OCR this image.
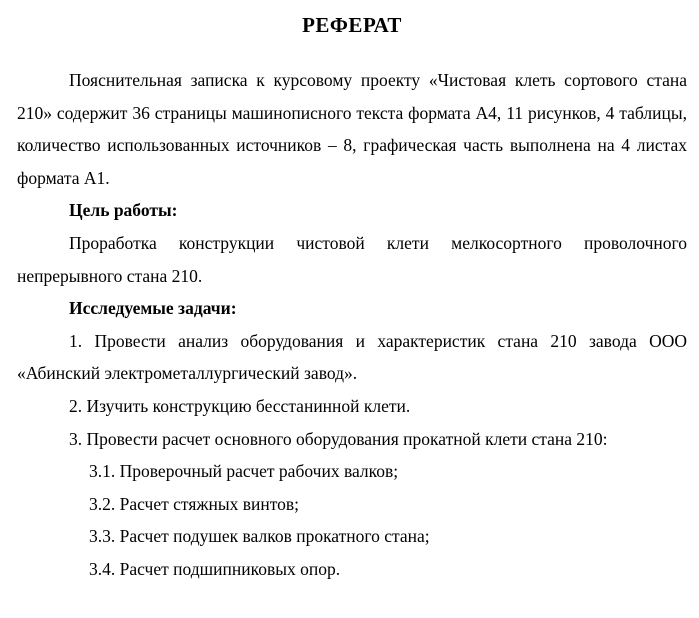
РЕФЕРАТ

Пояснительная записка к курсовому проекту «Чистовая клеть сортового стана 210» содержит 36 страницы машинописного текста формата А4, 11 рисунков, 4 таблицы, количество использованных источников – 8, графическая часть выполнена на 4 листах формата А1.

Цель работы:

Проработка конструкции чистовой клети мелкосортного проволочного непрерывного стана 210.

Исследуемые задачи:

1. Провести анализ оборудования и характеристик стана 210 завода ООО «Абинский электрометаллургический завод».

2. Изучить конструкцию бесстанинной клети.

3. Провести расчет основного оборудования прокатной клети стана 210:

3.1. Проверочный расчет рабочих валков;

3.2. Расчет стяжных винтов;

3.3. Расчет подушек валков прокатного стана;

3.4. Расчет подшипниковых опор.
